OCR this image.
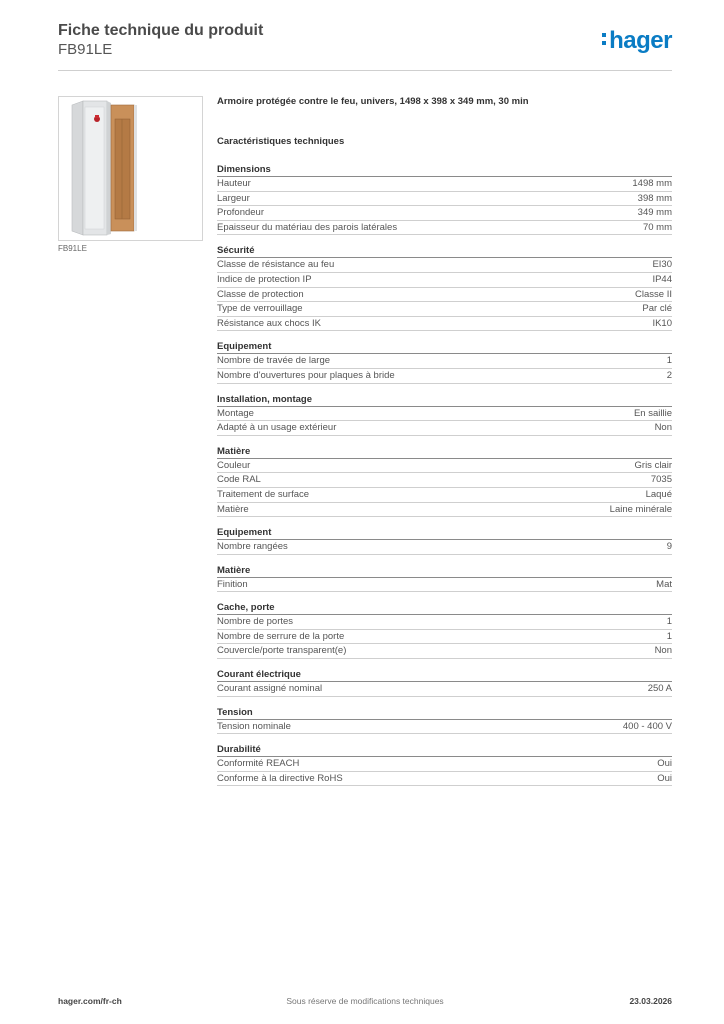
Fiche technique du produit
FB91LE	hager
FB91LE
Armoire protégée contre le feu, univers, 1498 x 398 x 349 mm, 30 min
Caractéristiques techniques
Dimensions
Hauteur	1498 mm
Largeur	398 mm
Profondeur	349 mm
Epaisseur du matériau des parois latérales	70 mm
Sécurité
Classe de résistance au feu	EI30
Indice de protection IP	IP44
Classe de protection	Classe II
Type de verrouillage	Par clé
Résistance aux chocs IK	IK10
Equipement
Nombre de travée de large	1
Nombre d'ouvertures pour plaques à bride	2
Installation, montage
Montage	En saillie
Adapté à un usage extérieur	Non
Matière
Couleur	Gris clair
Code RAL	7035
Traitement de surface	Laqué
Matière	Laine minérale
Equipement
Nombre rangées	9
Matière
Finition	Mat
Cache, porte
Nombre de portes	1
Nombre de serrure de la porte	1
Couvercle/porte transparent(e)	Non
Courant électrique
Courant assigné nominal	250 A
Tension
Tension nominale	400 - 400 V
Durabilité
Conformité REACH	Oui
Conforme à la directive RoHS	Oui
hager.com/fr-ch	Sous réserve de modifications techniques	23.03.2026
